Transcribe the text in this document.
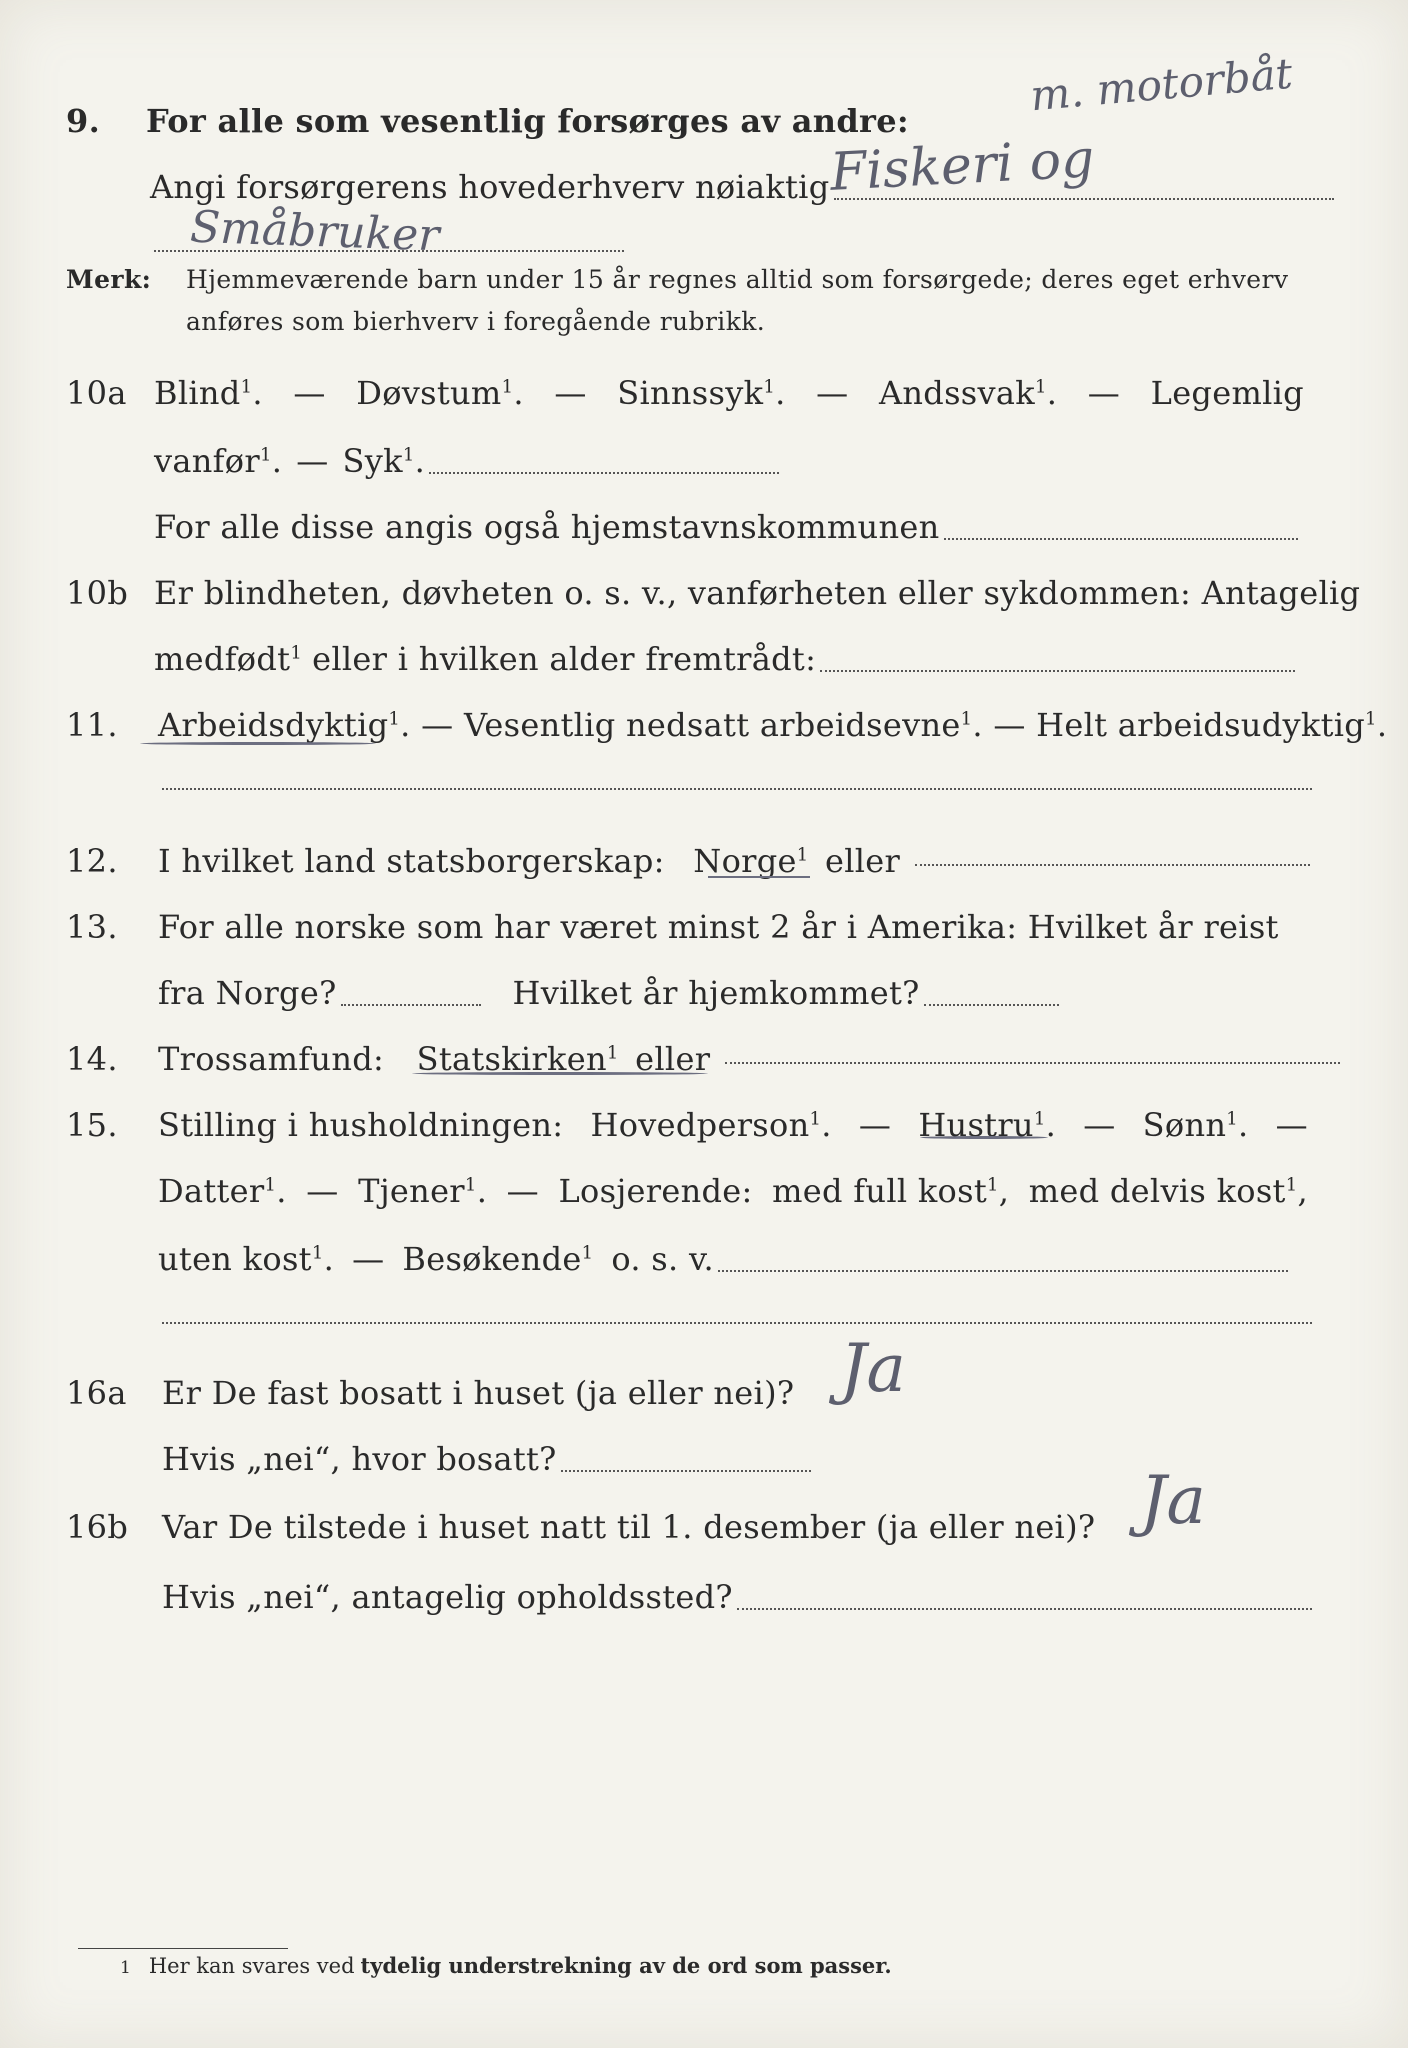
9.	For alle som vesentlig forsørges av andre:
m. motorbåt
Angi forsørgerens hovederhverv nøiaktig Fiskeri og
Småbruker
Merk: Hjemmeværende barn under 15 år regnes alltid som forsørgede; deres eget erhverv
anføres som bierhverv i foregående rubrikk.
10a Blind$^1$. — Døvstum$^1$. — Sinnssyk$^1$. — Andssvak$^1$. — Legemlig
vanfør$^1$. — Syk$^1$.
For alle disse angis også hjemstavnskommunen
10b Er blindheten, døvheten o. s. v., vanførheten eller sykdommen: Antagelig
medfødt$^1$ eller i hvilken alder fremtrådt:
11.	Arbeidsdyktig$^1$. — Vesentlig nedsatt arbeidsevne$^1$. — Helt arbeidsudyktig$^1$.
12.	I hvilket land statsborgerskap: Norge$^1$ eller
13.	For alle norske som har været minst 2 år i Amerika: Hvilket år reist
fra Norge?	Hvilket år hjemkommet?
14.	Trossamfund: Statskirken$^1$ eller
15.	Stilling i husholdningen: Hovedperson$^1$. — Hustru$^1$. — Sønn$^1$. —
Datter$^1$. — Tjener$^1$. — Losjerende: med full kost$^1$, med delvis kost$^1$,
uten kost$^1$. — Besøkende$^1$ o. s. v.
16a	Er De fast bosatt i huset (ja eller nei)? Ja
Hvis „nei“, hvor bosatt?
16b	Var De tilstede i huset natt til 1. desember (ja eller nei)? Ja
Hvis „nei“, antagelig opholdssted?
1 Her kan svares ved tydelig understrekning av de ord som passer.
